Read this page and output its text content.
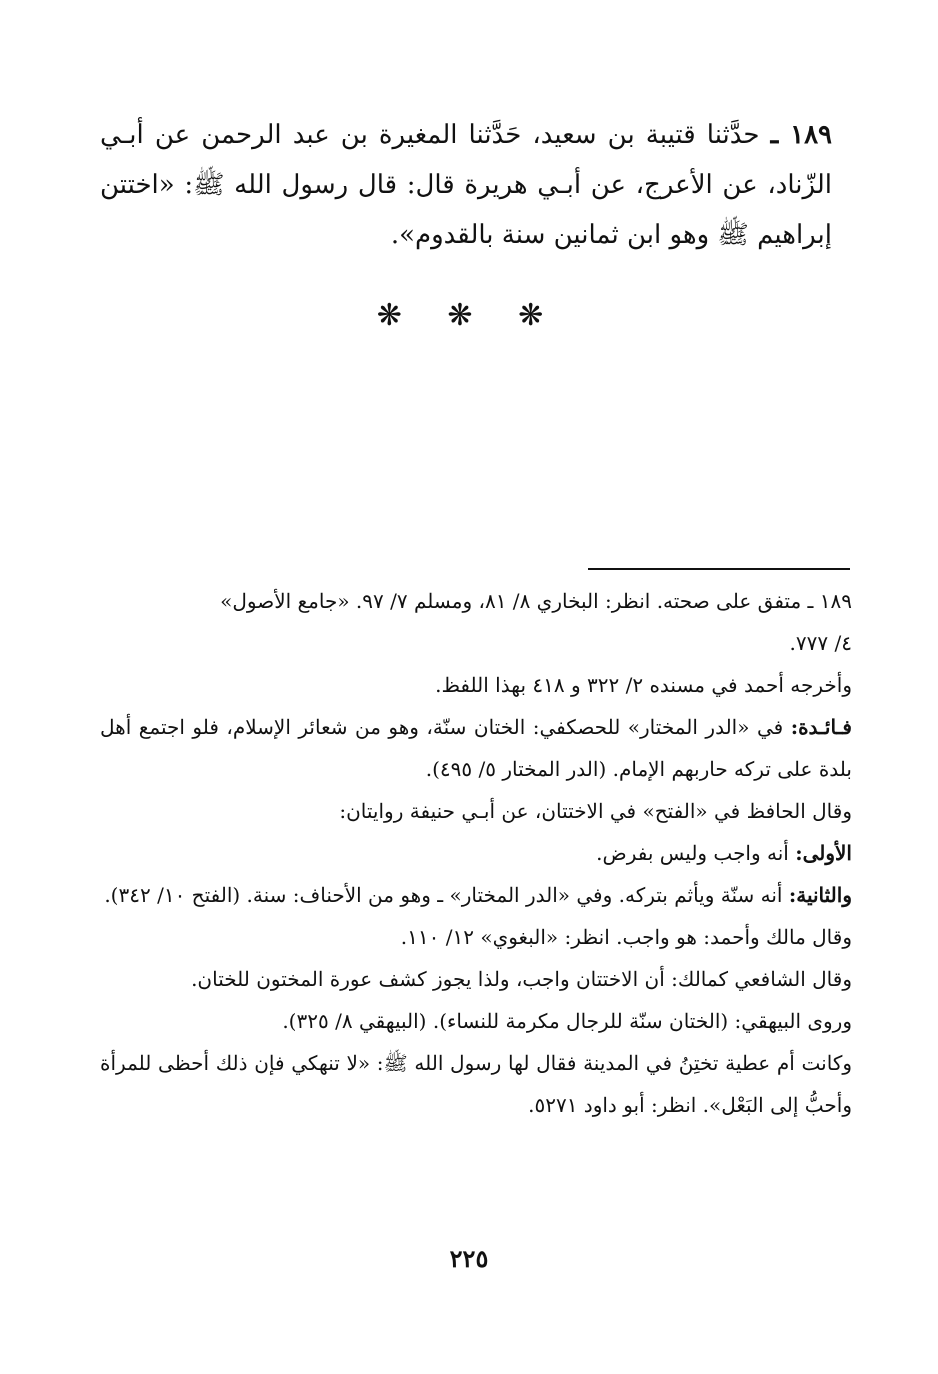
١٨٩ ـ حدَّثنا قتيبة بن سعيد، حَدَّثنا المغيرة بن عبد الرحمن عن أبـي الزّناد، عن الأعرج، عن أبـي هريرة قال: قال رسول الله ﷺ: «اختتن إبراهيم ﷺ وهو ابن ثمانين سنة بالقدوم».
❋ ❋ ❋
١٨٩ ـ متفق على صحته. انظر: البخاري ٨/ ٨١، ومسلم ٧/ ٩٧. «جامع الأصول»
٤/ ٧٧٧.
وأخرجه أحمد في مسنده ٢/ ٣٢٢ و ٤١٨ بهذا اللفظ.
فـائـدة: في «الدر المختار» للحصكفي: الختان سنّة، وهو من شعائر الإسلام، فلو اجتمع أهل بلدة على تركه حاربهم الإمام. (الدر المختار ٥/ ٤٩٥).
وقال الحافظ في «الفتح» في الاختتان، عن أبـي حنيفة روايتان:
الأولى: أنه واجب وليس بفرض.
والثانية: أنه سنّة ويأثم بتركه. وفي «الدر المختار» ـ وهو من الأحناف: سنة. (الفتح ١٠/ ٣٤٢).
وقال مالك وأحمد: هو واجب. انظر: «البغوي» ١٢/ ١١٠.
وقال الشافعي كمالك: أن الاختتان واجب، ولذا يجوز كشف عورة المختون للختان.
وروى البيهقي: (الختان سنّة للرجال مكرمة للنساء). (البيهقي ٨/ ٣٢٥).
وكانت أم عطية تختِنُ في المدينة فقال لها رسول الله ﷺ: «لا تنهكي فإن ذلك أحظى للمرأة وأحبُّ إلى البَعْل». انظر: أبو داود ٥٢٧١.
٢٢٥
